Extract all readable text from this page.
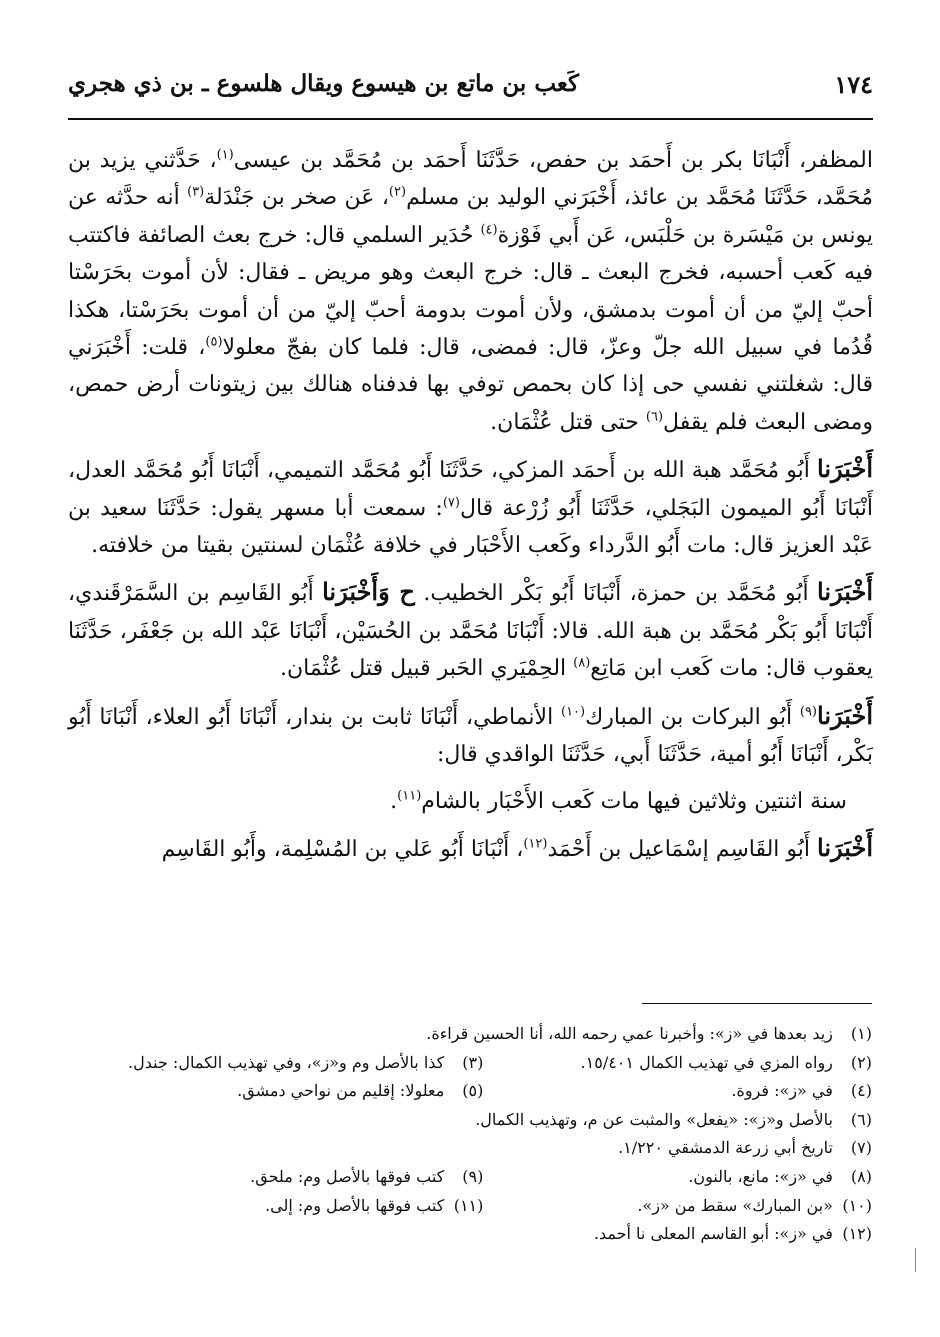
١٧٤
كَعب بن ماتع بن هيسوع ويقال هلسوع ـ بن ذي هجري

المظفر، أَنْبَانَا بكر بن أَحمَد بن حفص، حَدَّثَنَا أَحمَد بن مُحَمَّد بن عيسى$^{(١)}$، حَدَّثني يزيد بن مُحَمَّد، حَدَّثَنَا مُحَمَّد بن عائذ، أَخْبَرَني الوليد بن مسلم$^{(٢)}$، عَن صخر بن جَنْدَلة$^{(٣)}$ أنه حدَّثه عن يونس بن مَيْسَرة بن حَلْبَس، عَن أَبي فَوْزة$^{(٤)}$ حُدَير السلمي قال: خرج بعث الصائفة فاكتتب فيه كَعب أحسبه، فخرج البعث ـ قال: خرج البعث وهو مريض ـ فقال: لأن أموت بحَرَسْتا أحبّ إليّ من أن أموت بدمشق، ولأن أموت بدومة أحبّ إليّ من أن أموت بحَرَسْتا، هكذا قُدُما في سبيل الله جلّ وعزّ، قال: فمضى، قال: فلما كان بفجّ معلولا$^{(٥)}$، قلت: أَخْبَرَني قال: شغلتني نفسي حى إذا كان بحمص توفي بها فدفناه هنالك بين زيتونات أرض حمص، ومضى البعث فلم يقفل$^{(٦)}$ حتى قتل عُثْمَان.

أَخْبَرَنا أَبُو مُحَمَّد هبة الله بن أَحمَد المزكي، حَدَّثَنَا أَبُو مُحَمَّد التميمي، أَنْبَانَا أَبُو مُحَمَّد العدل، أَنْبَانَا أَبُو الميمون البَجَلي، حَدَّثَنَا أَبُو زُرْعة قال$^{(٧)}$: سمعت أبا مسهر يقول: حَدَّثَنَا سعيد بن عَبْد العزيز قال: مات أَبُو الدَّرداء وكَعب الأَحْبَار في خلافة عُثْمَان لسنتين بقيتا من خلافته.

أَخْبَرَنا أَبُو مُحَمَّد بن حمزة، أَنْبَانَا أَبُو بَكْر الخطيب. ح وَأَخْبَرَنا أَبُو القَاسِم بن السَّمَرْقَندي، أَنْبَانَا أَبُو بَكْر مُحَمَّد بن هبة الله. قالا: أَنْبَانَا مُحَمَّد بن الحُسَيْن، أَنْبَانَا عَبْد الله بن جَعْفَر، حَدَّثَنَا يعقوب قال: مات كَعب ابن مَاتِع$^{(٨)}$ الحِمْيَري الحَبر قبيل قتل عُثْمَان.

أَخْبَرَنا$^{(٩)}$ أَبُو البركات بن المبارك$^{(١٠)}$ الأنماطي، أَنْبَانَا ثابت بن بندار، أَنْبَانَا أَبُو العلاء، أَنْبَانَا أَبُو بَكْر، أَنْبَانَا أَبُو أمية، حَدَّثَنَا أَبي، حَدَّثَنَا الواقدي قال:

سنة اثنتين وثلاثين فيها مات كَعب الأَحْبَار بالشام$^{(١١)}$.

أَخْبَرَنا أَبُو القَاسِم إسْمَاعيل بن أَحْمَد$^{(١٢)}$، أَنْبَانَا أَبُو عَلي بن المُسْلِمة، وأَبُو القَاسِم

(١) زيد بعدها في «ز»: وأخبرنا عمي رحمه الله، أنا الحسين قراءة.
(٢) رواه المزي في تهذيب الكمال ١٥/٤٠١.
(٣) كذا بالأصل وم و«ز»، وفي تهذيب الكمال: جندل.
(٤) في «ز»: فروة.
(٥) معلولا: إقليم من نواحي دمشق.
(٦) بالأصل و«ز»: «يفعل» والمثبت عن م، وتهذيب الكمال.
(٧) تاريخ أبي زرعة الدمشقي ١/٢٢٠.
(٨) في «ز»: مانع، بالنون.
(٩) كتب فوقها بالأصل وم: ملحق.
(١٠) «بن المبارك» سقط من «ز».
(١١) كتب فوقها بالأصل وم: إلى.
(١٢) في «ز»: أبو القاسم المعلى نا أحمد.
